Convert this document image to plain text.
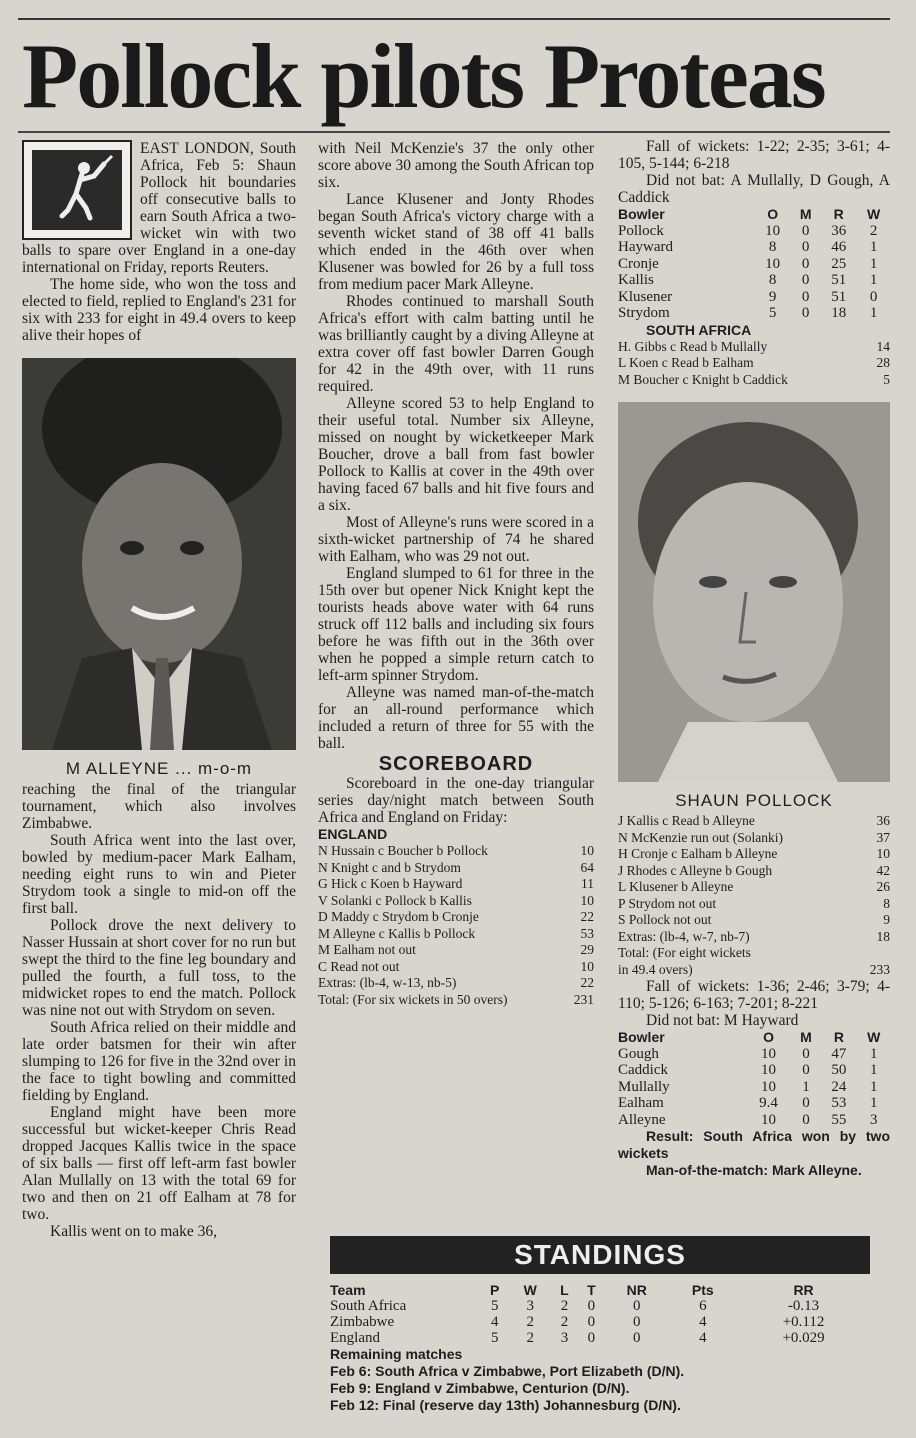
Pollock pilots Proteas

EAST LONDON, South Africa, Feb 5: Shaun Pollock hit boundaries off consecutive balls to earn South Africa a two-wicket win with two balls to spare over England in a one-day international on Friday, reports Reuters.

The home side, who won the toss and elected to field, replied to England's 231 for six with 233 for eight in 49.4 overs to keep alive their hopes of

M ALLEYNE ... m-o-m

reaching the final of the triangular tournament, which also involves Zimbabwe.

South Africa went into the last over, bowled by medium-pacer Mark Ealham, needing eight runs to win and Pieter Strydom took a single to mid-on off the first ball.

Pollock drove the next delivery to Nasser Hussain at short cover for no run but swept the third to the fine leg boundary and pulled the fourth, a full toss, to the midwicket ropes to end the match. Pollock was nine not out with Strydom on seven.

South Africa relied on their middle and late order batsmen for their win after slumping to 126 for five in the 32nd over in the face to tight bowling and committed fielding by England.

England might have been more successful but wicket-keeper Chris Read dropped Jacques Kallis twice in the space of six balls — first off left-arm fast bowler Alan Mullally on 13 with the total 69 for two and then on 21 off Ealham at 78 for two.

Kallis went on to make 36,

with Neil McKenzie's 37 the only other score above 30 among the South African top six.

Lance Klusener and Jonty Rhodes began South Africa's victory charge with a seventh wicket stand of 38 off 41 balls which ended in the 46th over when Klusener was bowled for 26 by a full toss from medium pacer Mark Alleyne.

Rhodes continued to marshall South Africa's effort with calm batting until he was brilliantly caught by a diving Alleyne at extra cover off fast bowler Darren Gough for 42 in the 49th over, with 11 runs required.

Alleyne scored 53 to help England to their useful total. Number six Alleyne, missed on nought by wicketkeeper Mark Boucher, drove a ball from fast bowler Pollock to Kallis at cover in the 49th over having faced 67 balls and hit five fours and a six.

Most of Alleyne's runs were scored in a sixth-wicket partnership of 74 he shared with Ealham, who was 29 not out.

England slumped to 61 for three in the 15th over but opener Nick Knight kept the tourists heads above water with 64 runs struck off 112 balls and including six fours before he was fifth out in the 36th over when he popped a simple return catch to left-arm spinner Strydom.

Alleyne was named man-of-the-match for an all-round performance which included a return of three for 55 with the ball.

SCOREBOARD

Scoreboard in the one-day triangular series day/night match between South Africa and England on Friday:

ENGLAND
N Hussain c Boucher b Pollock	10
N Knight c and b Strydom	64
G Hick c Koen b Hayward	11
V Solanki c Pollock b Kallis	10
D Maddy c Strydom b Cronje	22
M Alleyne c Kallis b Pollock	53
M Ealham not out	29
C Read not out	10
Extras: (lb-4, w-13, nb-5)	22
Total: (For six wickets in 50 overs)	231

Fall of wickets: 1-22; 2-35; 3-61; 4-105, 5-144; 6-218

Did not bat: A Mullally, D Gough, A Caddick

Bowler	O	M	R	W
Pollock	10	0	36	2
Hayward	8	0	46	1
Cronje	10	0	25	1
Kallis	8	0	51	1
Klusener	9	0	51	0
Strydom	5	0	18	1
SOUTH AFRICA
H. Gibbs c Read b Mullally	14
L Koen c Read b Ealham	28
M Boucher c Knight b Caddick	5
SHAUN POLLOCK
J Kallis c Read b Alleyne	36
N McKenzie run out (Solanki)	37
H Cronje c Ealham b Alleyne	10
J Rhodes c Alleyne b Gough	42
L Klusener b Alleyne	26
P Strydom not out	8
S Pollock not out	9
Extras: (lb-4, w-7, nb-7)	18
Total: (For eight wickets
in 49.4 overs)	233

Fall of wickets: 1-36; 2-46; 3-79; 4-110; 5-126; 6-163; 7-201; 8-221

Did not bat: M Hayward

Bowler	O	M	R	W
Gough	10	0	47	1
Caddick	10	0	50	1
Mullally	10	1	24	1
Ealham	9.4	0	53	1
Alleyne	10	0	55	3

Result: South Africa won by two wickets

Man-of-the-match: Mark Alleyne.

STANDINGS
Team	P	W	L	T	NR	Pts	RR
South Africa	5	3	2	0	0	6	-0.13
Zimbabwe	4	2	2	0	0	4	+0.112
England	5	2	3	0	0	4	+0.029
Remaining matches
Feb 6: South Africa v Zimbabwe, Port Elizabeth (D/N).
Feb 9: England v Zimbabwe, Centurion (D/N).
Feb 12: Final (reserve day 13th) Johannesburg (D/N).
